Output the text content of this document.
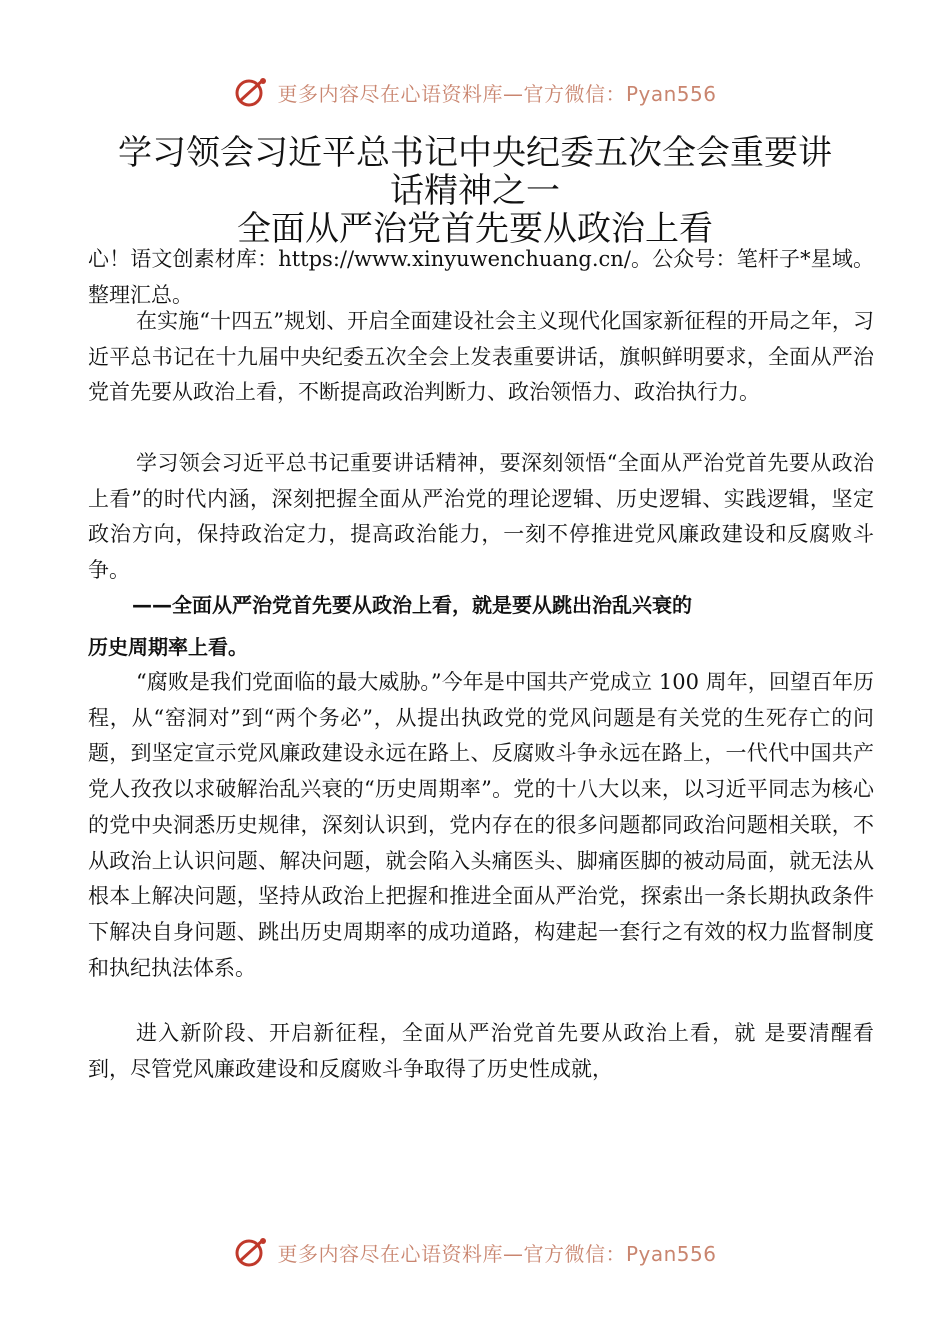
更多内容尽在心语资料库—官方微信：Pyan556
学习领会习近平总书记中央纪委五次全会重要讲
话精神之一
全面从严治党首先要从政治上看
心！语文创素材库：https://www.xinyuwenchuang.cn/。公众号：笔杆子*星域。整理汇总。
在实施“十四五”规划、开启全面建设社会主义现代化国家新征程的开局之年，习近平总书记在十九届中央纪委五次全会上发表重要讲话，旗帜鲜明要求，全面从严治党首先要从政治上看，不断提高政治判断力、政治领悟力、政治执行力。
学习领会习近平总书记重要讲话精神，要深刻领悟“全面从严治党首先要从政治上看”的时代内涵，深刻把握全面从严治党的理论逻辑、历史逻辑、实践逻辑，坚定政治方向，保持政治定力，提高政治能力，一刻不停推进党风廉政建设和反腐败斗争。
——全面从严治党首先要从政治上看，就是要从跳出治乱兴衰的
历史周期率上看。
“腐败是我们党面临的最大威胁。”今年是中国共产党成立 100 周年，回望百年历程，从“窑洞对”到“两个务必”，从提出执政党的党风问题是有关党的生死存亡的问题，到坚定宣示党风廉政建设永远在路上、反腐败斗争永远在路上，一代代中国共产党人孜孜以求破解治乱兴衰的“历史周期率”。党的十八大以来，以习近平同志为核心的党中央洞悉历史规律，深刻认识到，党内存在的很多问题都同政治问题相关联，不从政治上认识问题、解决问题，就会陷入头痛医头、脚痛医脚的被动局面，就无法从根本上解决问题，坚持从政治上把握和推进全面从严治党，探索出一条长期执政条件下解决自身问题、跳出历史周期率的成功道路，构建起一套行之有效的权力监督制度和执纪执法体系。
进入新阶段、开启新征程，全面从严治党首先要从政治上看，就 是要清醒看到，尽管党风廉政建设和反腐败斗争取得了历史性成就，
更多内容尽在心语资料库—官方微信：Pyan556
